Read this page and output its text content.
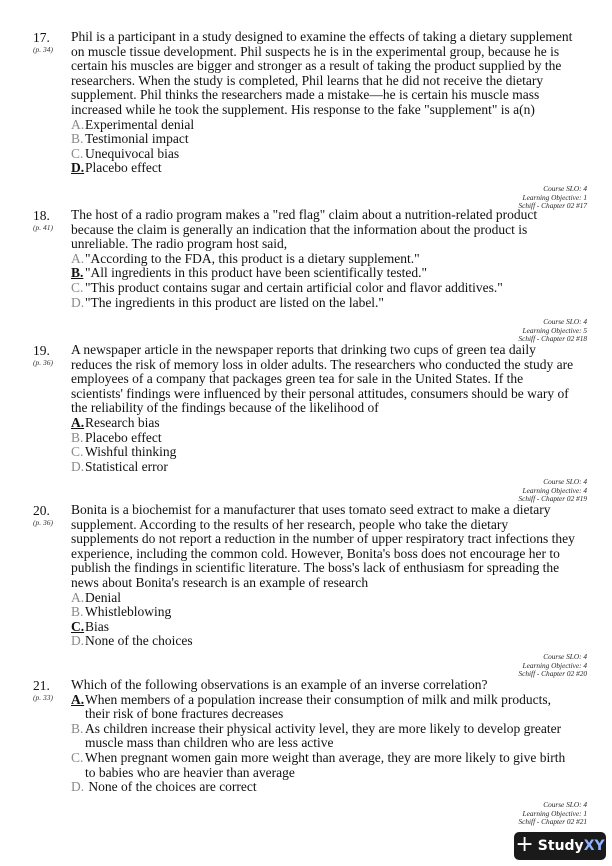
17.
(p. 34)
Phil is a participant in a study designed to examine the effects of taking a dietary supplement on muscle tissue development. Phil suspects he is in the experimental group, because he is certain his muscles are bigger and stronger as a result of taking the product supplied by the researchers. When the study is completed, Phil learns that he did not receive the dietary supplement. Phil thinks the researchers made a mistake—he is certain his muscle mass increased while he took the supplement. His response to the fake "supplement" is a(n)
A.Experimental denial
B. Testimonial impact
C. Unequivocal bias
D.Placebo effect
Course SLO: 4
Learning Objective: 1
Schiff - Chapter 02 #17
18.
(p. 41)
The host of a radio program makes a "red flag" claim about a nutrition-related product because the claim is generally an indication that the information about the product is unreliable. The radio program host said,
A."According to the FDA, this product is a dietary supplement."
B. "All ingredients in this product have been scientifically tested."
C. "This product contains sugar and certain artificial color and flavor additives."
D."The ingredients in this product are listed on the label."
Course SLO: 4
Learning Objective: 5
Schiff - Chapter 02 #18
19.
(p. 36)
A newspaper article in the newspaper reports that drinking two cups of green tea daily reduces the risk of memory loss in older adults. The researchers who conducted the study are employees of a company that packages green tea for sale in the United States. If the scientists' findings were influenced by their personal attitudes, consumers should be wary of the reliability of the findings because of the likelihood of
A.Research bias
B. Placebo effect
C. Wishful thinking
D.Statistical error
Course SLO: 4
Learning Objective: 4
Schiff - Chapter 02 #19
20.
(p. 36)
Bonita is a biochemist for a manufacturer that uses tomato seed extract to make a dietary supplement. According to the results of her research, people who take the dietary supplements do not report a reduction in the number of upper respiratory tract infections they experience, including the common cold. However, Bonita's boss does not encourage her to publish the findings in scientific literature. The boss's lack of enthusiasm for spreading the news about Bonita's research is an example of research
A.Denial
B. Whistleblowing
C.Bias
D.None of the choices
Course SLO: 4
Learning Objective: 4
Schiff - Chapter 02 #20
21.
(p. 33)
Which of the following observations is an example of an inverse correlation?
A.When members of a population increase their consumption of milk and milk products, their risk of bone fractures decreases
B. As children increase their physical activity level, they are more likely to develop greater muscle mass than children who are less active
C. When pregnant women gain more weight than average, they are more likely to give birth to babies who are heavier than average
D. None of the choices are correct
Course SLO: 4
Learning Objective: 1
Schiff - Chapter 02 #21
+ StudyXY
